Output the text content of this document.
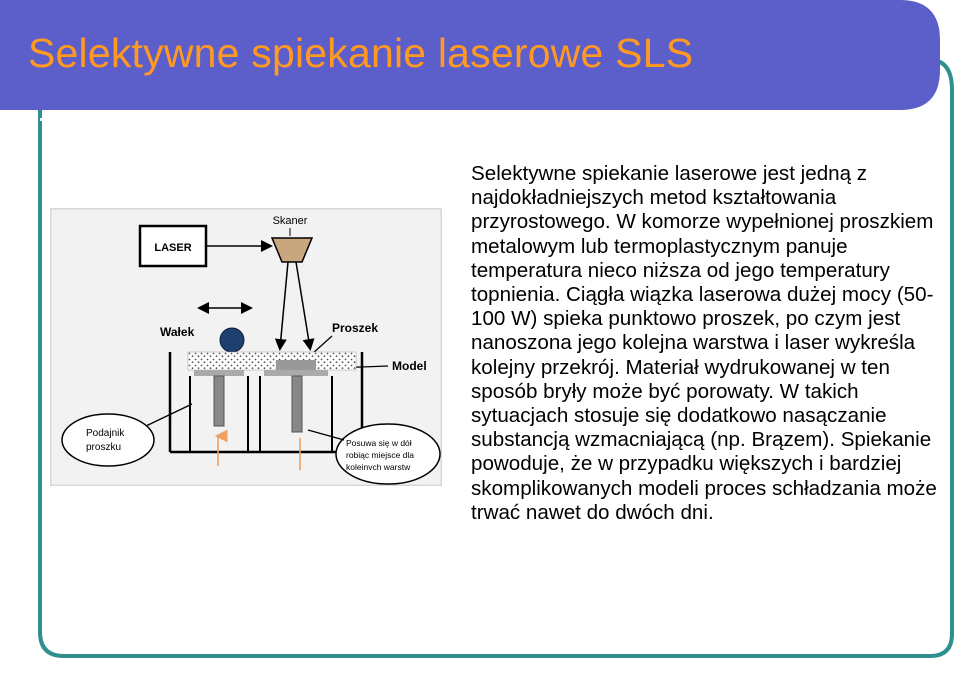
Selektywne spiekanie laserowe SLS
LASER
Skaner
Wałek	Proszek
Model
Podajnik
proszku	Posuwa się w dół
robiąc miejsce dla
koleinvch warstw

Selektywne spiekanie laserowe jest jedną z najdokładniejszych metod kształtowania przyrostowego. W komorze wypełnionej proszkiem metalowym lub termoplastycznym panuje temperatura nieco niższa od jego temperatury topnienia. Ciągła wiązka laserowa dużej mocy (50- 100 W) spieka punktowo proszek, po czym jest nanoszona jego kolejna warstwa i laser wykreśla kolejny przekrój. Materiał wydrukowanej w ten sposób bryły może być porowaty. W takich sytuacjach stosuje się dodatkowo nasączanie substancją wzmacniającą (np. Brązem). Spiekanie powoduje, że w przypadku większych i bardziej skomplikowanych modeli proces schładzania może trwać nawet do dwóch dni.
